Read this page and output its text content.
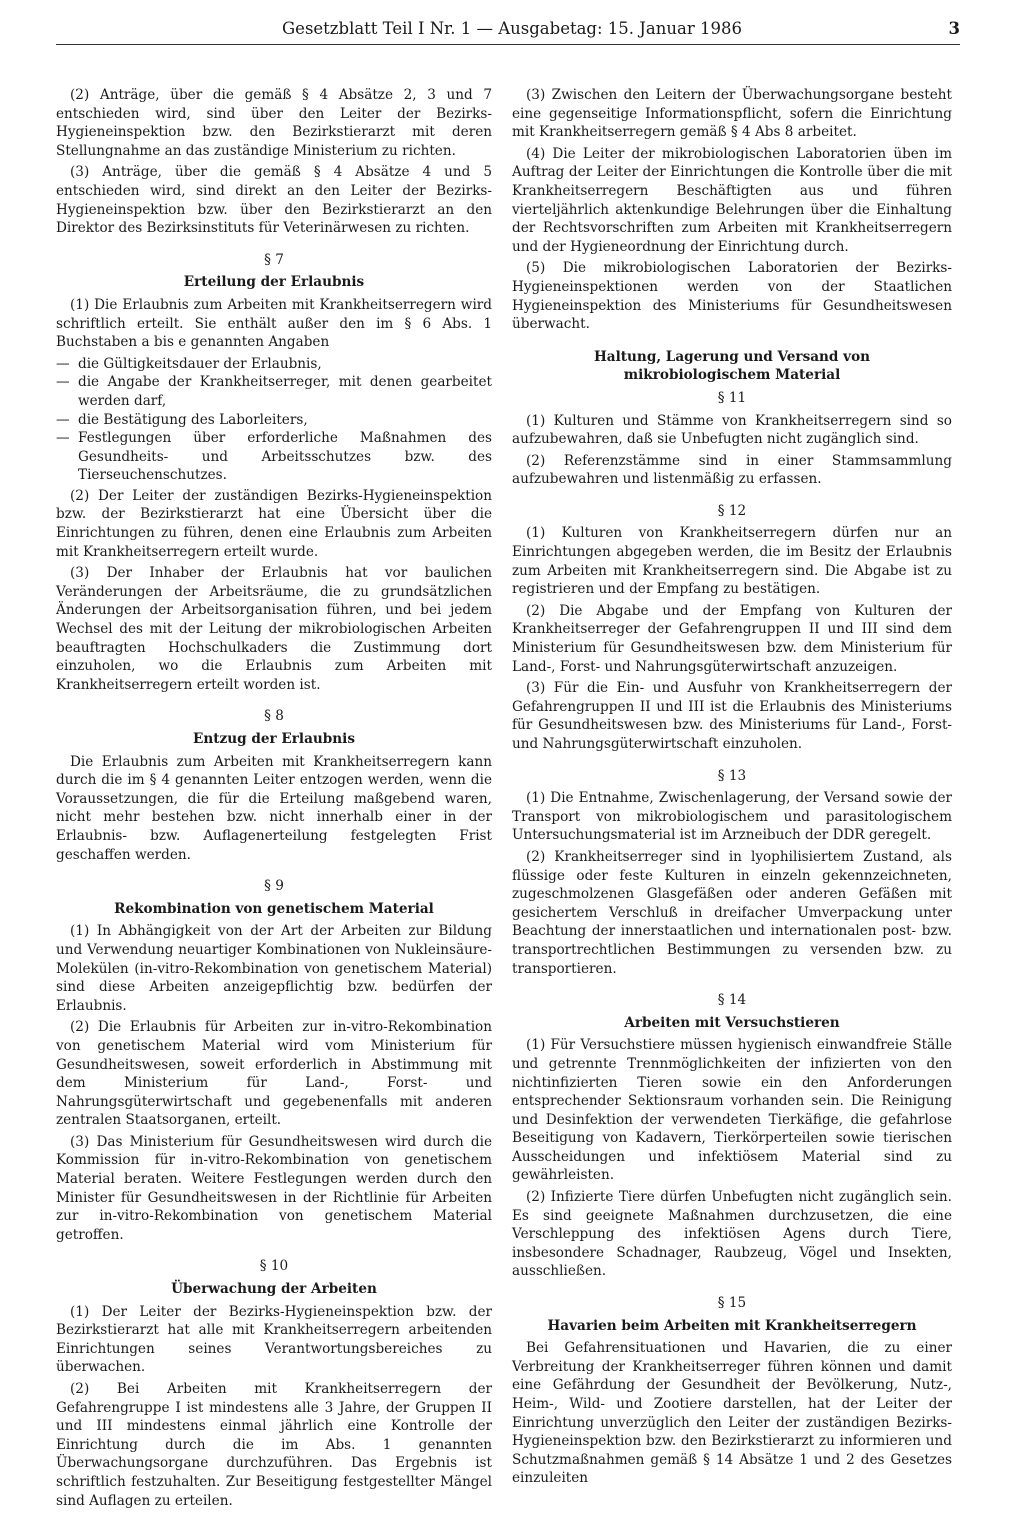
Gesetzblatt Teil I Nr. 1 — Ausgabetag: 15. Januar 1986	3

(2) Anträge, über die gemäß § 4 Absätze 2, 3 und 7 entschieden wird, sind über den Leiter der Bezirks-Hygieneinspektion bzw. den Bezirkstierarzt mit deren Stellungnahme an das zuständige Ministerium zu richten.

(3) Anträge, über die gemäß § 4 Absätze 4 und 5 entschieden wird, sind direkt an den Leiter der Bezirks-Hygieneinspektion bzw. über den Bezirkstierarzt an den Direktor des Bezirksinstituts für Veterinärwesen zu richten.

§ 7

Erteilung der Erlaubnis

(1) Die Erlaubnis zum Arbeiten mit Krankheitserregern wird schriftlich erteilt. Sie enthält außer den im § 6 Abs. 1 Buchstaben a bis e genannten Angaben

— die Gültigkeitsdauer der Erlaubnis,
— die Angabe der Krankheitserreger, mit denen gearbeitet werden darf,
— die Bestätigung des Laborleiters,
— Festlegungen über erforderliche Maßnahmen des Gesundheits- und Arbeitsschutzes bzw. des Tierseuchenschutzes.

(2) Der Leiter der zuständigen Bezirks-Hygieneinspektion bzw. der Bezirkstierarzt hat eine Übersicht über die Einrichtungen zu führen, denen eine Erlaubnis zum Arbeiten mit Krankheitserregern erteilt wurde.

(3) Der Inhaber der Erlaubnis hat vor baulichen Veränderungen der Arbeitsräume, die zu grundsätzlichen Änderungen der Arbeitsorganisation führen, und bei jedem Wechsel des mit der Leitung der mikrobiologischen Arbeiten beauftragten Hochschulkaders die Zustimmung dort einzuholen, wo die Erlaubnis zum Arbeiten mit Krankheitserregern erteilt worden ist.

§ 8

Entzug der Erlaubnis

Die Erlaubnis zum Arbeiten mit Krankheitserregern kann durch die im § 4 genannten Leiter entzogen werden, wenn die Voraussetzungen, die für die Erteilung maßgebend waren, nicht mehr bestehen bzw. nicht innerhalb einer in der Erlaubnis- bzw. Auflagenerteilung festgelegten Frist geschaffen werden.

§ 9

Rekombination von genetischem Material

(1) In Abhängigkeit von der Art der Arbeiten zur Bildung und Verwendung neuartiger Kombinationen von Nukleinsäure-Molekülen (in-vitro-Rekombination von genetischem Material) sind diese Arbeiten anzeigepflichtig bzw. bedürfen der Erlaubnis.

(2) Die Erlaubnis für Arbeiten zur in-vitro-Rekombination von genetischem Material wird vom Ministerium für Gesundheitswesen, soweit erforderlich in Abstimmung mit dem Ministerium für Land-, Forst- und Nahrungsgüterwirtschaft und gegebenenfalls mit anderen zentralen Staatsorganen, erteilt.

(3) Das Ministerium für Gesundheitswesen wird durch die Kommission für in-vitro-Rekombination von genetischem Material beraten. Weitere Festlegungen werden durch den Minister für Gesundheitswesen in der Richtlinie für Arbeiten zur in-vitro-Rekombination von genetischem Material getroffen.

§ 10

Überwachung der Arbeiten

(1) Der Leiter der Bezirks-Hygieneinspektion bzw. der Bezirkstierarzt hat alle mit Krankheitserregern arbeitenden Einrichtungen seines Verantwortungsbereiches zu überwachen.

(2) Bei Arbeiten mit Krankheitserregern der Gefahrengruppe I ist mindestens alle 3 Jahre, der Gruppen II und III mindestens einmal jährlich eine Kontrolle der Einrichtung durch die im Abs. 1 genannten Überwachungsorgane durchzuführen. Das Ergebnis ist schriftlich festzuhalten. Zur Beseitigung festgestellter Mängel sind Auflagen zu erteilen.

(3) Zwischen den Leitern der Überwachungsorgane besteht eine gegenseitige Informationspflicht, sofern die Einrichtung mit Krankheitserregern gemäß § 4 Abs 8 arbeitet.

(4) Die Leiter der mikrobiologischen Laboratorien üben im Auftrag der Leiter der Einrichtungen die Kontrolle über die mit Krankheitserregern Beschäftigten aus und führen vierteljährlich aktenkundige Belehrungen über die Einhaltung der Rechtsvorschriften zum Arbeiten mit Krankheitserregern und der Hygieneordnung der Einrichtung durch.

(5) Die mikrobiologischen Laboratorien der Bezirks-Hygieneinspektionen werden von der Staatlichen Hygieneinspektion des Ministeriums für Gesundheitswesen überwacht.

Haltung, Lagerung und Versand von mikrobiologischem Material

§ 11

(1) Kulturen und Stämme von Krankheitserregern sind so aufzubewahren, daß sie Unbefugten nicht zugänglich sind.

(2) Referenzstämme sind in einer Stammsammlung aufzubewahren und listenmäßig zu erfassen.

§ 12

(1) Kulturen von Krankheitserregern dürfen nur an Einrichtungen abgegeben werden, die im Besitz der Erlaubnis zum Arbeiten mit Krankheitserregern sind. Die Abgabe ist zu registrieren und der Empfang zu bestätigen.

(2) Die Abgabe und der Empfang von Kulturen der Krankheitserreger der Gefahrengruppen II und III sind dem Ministerium für Gesundheitswesen bzw. dem Ministerium für Land-, Forst- und Nahrungsgüterwirtschaft anzuzeigen.

(3) Für die Ein- und Ausfuhr von Krankheitserregern der Gefahrengruppen II und III ist die Erlaubnis des Ministeriums für Gesundheitswesen bzw. des Ministeriums für Land-, Forst- und Nahrungsgüterwirtschaft einzuholen.

§ 13

(1) Die Entnahme, Zwischenlagerung, der Versand sowie der Transport von mikrobiologischem und parasitologischem Untersuchungsmaterial ist im Arzneibuch der DDR geregelt.

(2) Krankheitserreger sind in lyophilisiertem Zustand, als flüssige oder feste Kulturen in einzeln gekennzeichneten, zugeschmolzenen Glasgefäßen oder anderen Gefäßen mit gesichertem Verschluß in dreifacher Umverpackung unter Beachtung der innerstaatlichen und internationalen post- bzw. transportrechtlichen Bestimmungen zu versenden bzw. zu transportieren.

§ 14

Arbeiten mit Versuchstieren

(1) Für Versuchstiere müssen hygienisch einwandfreie Ställe und getrennte Trennmöglichkeiten der infizierten von den nichtinfizierten Tieren sowie ein den Anforderungen entsprechender Sektionsraum vorhanden sein. Die Reinigung und Desinfektion der verwendeten Tierkäfige, die gefahrlose Beseitigung von Kadavern, Tierkörperteilen sowie tierischen Ausscheidungen und infektiösem Material sind zu gewährleisten.

(2) Infizierte Tiere dürfen Unbefugten nicht zugänglich sein. Es sind geeignete Maßnahmen durchzusetzen, die eine Verschleppung des infektiösen Agens durch Tiere, insbesondere Schadnager, Raubzeug, Vögel und Insekten, ausschließen.

§ 15

Havarien beim Arbeiten mit Krankheitserregern

Bei Gefahrensituationen und Havarien, die zu einer Verbreitung der Krankheitserreger führen können und damit eine Gefährdung der Gesundheit der Bevölkerung, Nutz-, Heim-, Wild- und Zootiere darstellen, hat der Leiter der Einrichtung unverzüglich den Leiter der zuständigen Bezirks-Hygieneinspektion bzw. den Bezirkstierarzt zu informieren und Schutzmaßnahmen gemäß § 14 Absätze 1 und 2 des Gesetzes einzuleiten
